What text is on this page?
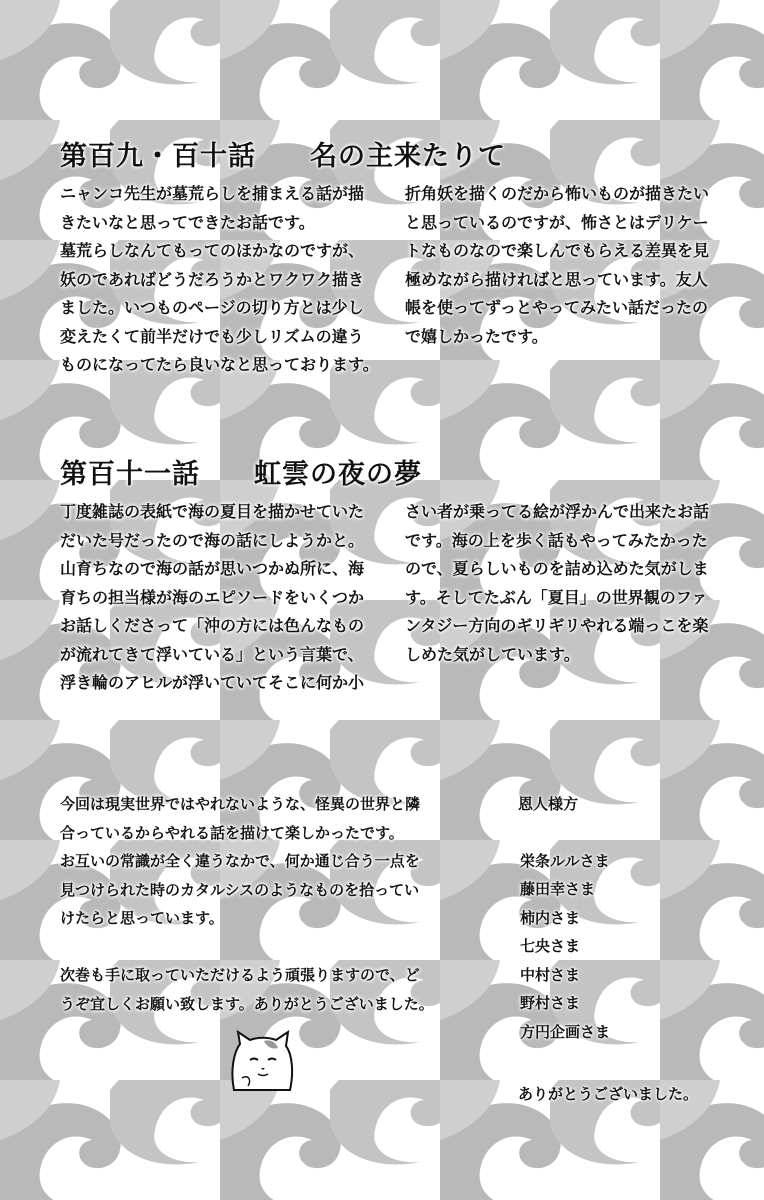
第百九・百十話 名の主来たりて
ニャンコ先生が墓荒らしを捕まえる話が描
きたいなと思ってできたお話です。
墓荒らしなんてもってのほかなのですが、
妖のであればどうだろうかとワクワク描き
ました。いつものページの切り方とは少し
変えたくて前半だけでも少しリズムの違う
ものになってたら良いなと思っております。
折角妖を描くのだから怖いものが描きたい
と思っているのですが、怖さとはデリケー
トなものなので楽しんでもらえる差異を見
極めながら描ければと思っています。友人
帳を使ってずっとやってみたい話だったの
で嬉しかったです。
第百十一話 虹雲の夜の夢
丁度雑誌の表紙で海の夏目を描かせていた
だいた号だったので海の話にしようかと。
山育ちなので海の話が思いつかぬ所に、海
育ちの担当様が海のエピソードをいくつか
お話しくださって「沖の方には色んなもの
が流れてきて浮いている」という言葉で、
浮き輪のアヒルが浮いていてそこに何か小
さい者が乗ってる絵が浮かんで出来たお話
です。海の上を歩く話もやってみたかった
ので、夏らしいものを詰め込めた気がしま
す。そしてたぶん「夏目」の世界観のファ
ンタジー方向のギリギリやれる端っこを楽
しめた気がしています。
今回は現実世界ではやれないような、怪異の世界と隣
合っているからやれる話を描けて楽しかったです。
お互いの常識が全く違うなかで、何か通じ合う一点を
見つけられた時のカタルシスのようなものを拾ってい
けたらと思っています。
次巻も手に取っていただけるよう頑張りますので、ど
うぞ宜しくお願い致します。ありがとうございました。
恩人様方
栄条ルルさま
藤田幸さま
柿内さま
七央さま
中村さま
野村さま
方円企画さま
ありがとうございました。
